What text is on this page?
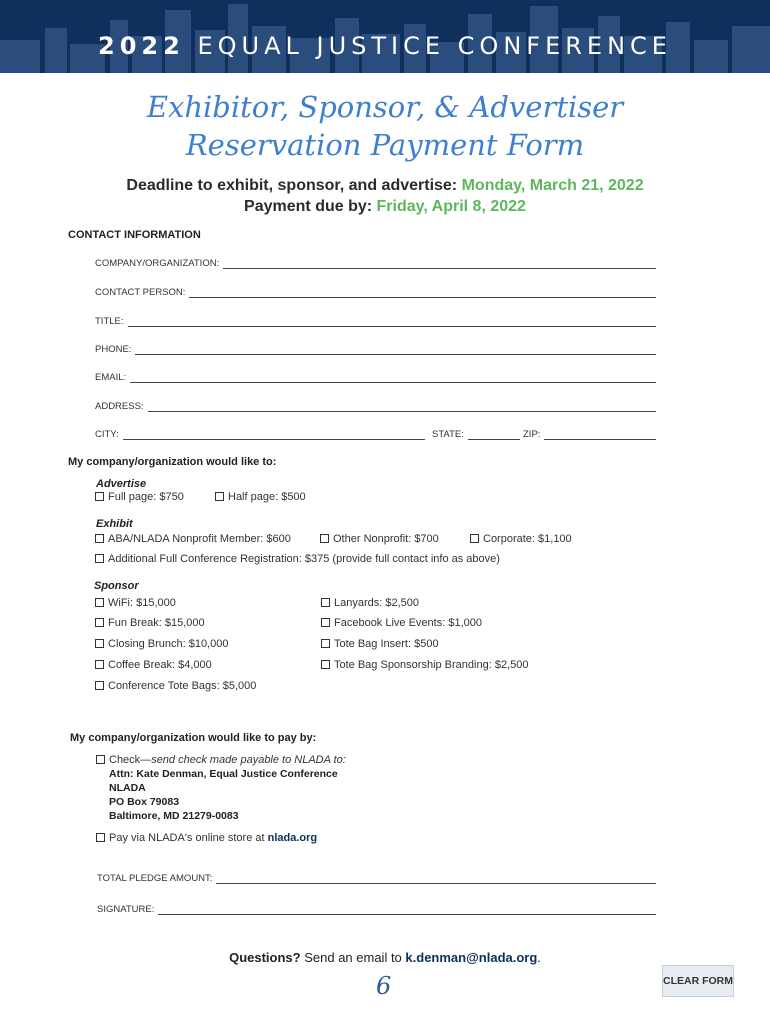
2022 EQUAL JUSTICE CONFERENCE
Exhibitor, Sponsor, & Advertiser
Reservation Payment Form
Deadline to exhibit, sponsor, and advertise: Monday, March 21, 2022
Payment due by: Friday, April 8, 2022
CONTACT INFORMATION
COMPANY/ORGANIZATION:
CONTACT PERSON:
TITLE:
PHONE:
EMAIL:
ADDRESS:
CITY:	STATE:	ZIP:
My company/organization would like to:
Advertise
Full page: $750	Half page: $500
Exhibit
ABA/NLADA Nonprofit Member: $600	Other Nonprofit: $700	Corporate: $1,100
Additional Full Conference Registration: $375 (provide full contact info as above)
Sponsor
WiFi: $15,000	Lanyards: $2,500
Fun Break: $15,000	Facebook Live Events: $1,000
Closing Brunch: $10,000	Tote Bag Insert: $500
Coffee Break: $4,000	Tote Bag Sponsorship Branding: $2,500
Conference Tote Bags: $5,000
My company/organization would like to pay by:
Check—send check made payable to NLADA to:
Attn: Kate Denman, Equal Justice Conference
NLADA
PO Box 79083
Baltimore, MD 21279-0083
Pay via NLADA's online store at nlada.org
TOTAL PLEDGE AMOUNT:
SIGNATURE:
Questions? Send an email to k.denman@nlada.org.
6	CLEAR FORM
